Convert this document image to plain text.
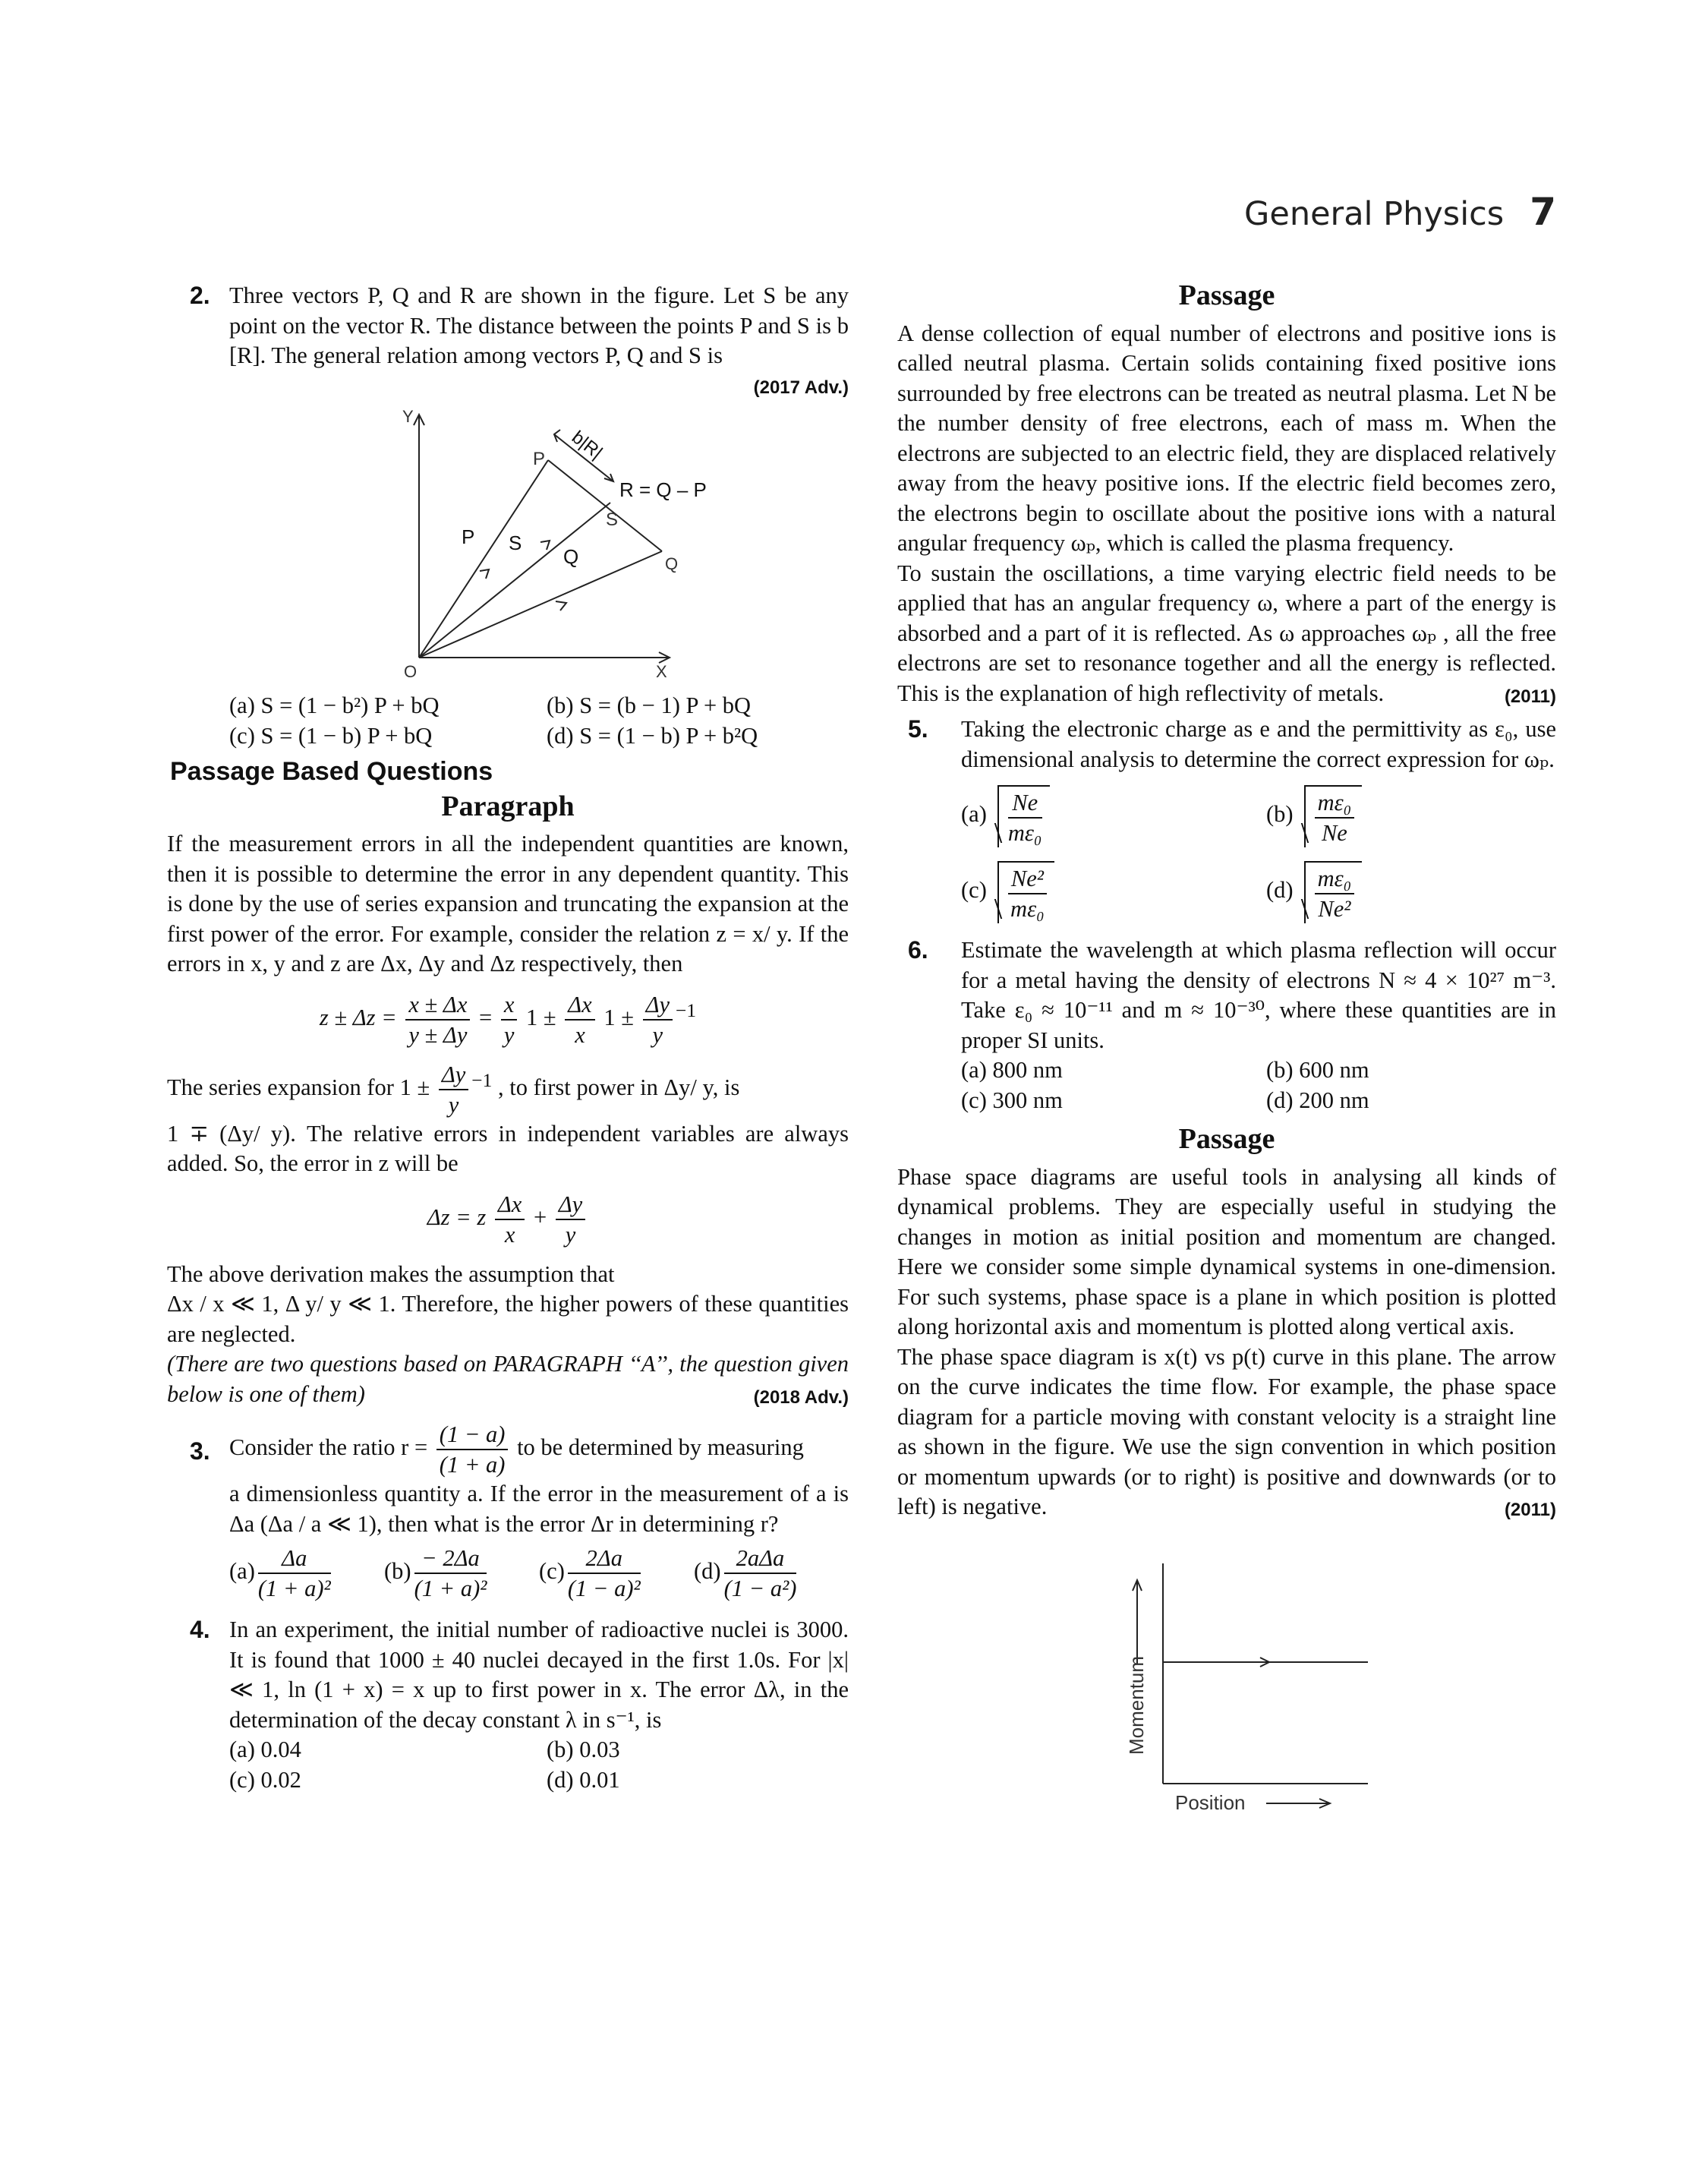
General Physics 7
2. Three vectors P, Q and R are shown in the figure. Let S be any point on the vector R. The distance between the points P and S is b [R]. The general relation among vectors P, Q and S is

(2017 Adv.)
Y
X
O
P
Q
S
P
Q
S
b|R|
R = Q – P
(a) S = (1 − b²) P + bQ	(b) S = (b − 1) P + bQ
(c) S = (1 − b) P + bQ	(d) S = (1 − b) P + b²Q
Passage Based Questions
Paragraph

If the measurement errors in all the independent quantities are known, then it is possible to determine the error in any dependent quantity. This is done by the use of series expansion and truncating the expansion at the first power of the error. For example, consider the relation z = x/ y. If the errors in x, y and z are Δx, Δy and Δz respectively, then

$z \pm \Delta z = \frac{x \pm \Delta x}{y \pm \Delta y} = \frac{x}{y} 1 \pm \frac{\Delta x}{x} 1 \pm \frac{\Delta y}{y} ^{-1}$

The series expansion for $1 \pm \frac{\Delta y}{y} ^{-1}$ , to first power in Δy/ y, is

1 ∓ (Δy/ y). The relative errors in independent variables are always added. So, the error in z will be

Δz = z $\frac{\Delta x}{x} + \frac{\Delta y}{y}$

The above derivation makes the assumption that

Δx / x ≪ 1, Δ y/ y ≪ 1. Therefore, the higher powers of these quantities are neglected.

(There are two questions based on PARAGRAPH ‘‘A’’, the question given below is one of them)	(2018 Adv.)

3. Consider the ratio $r = \frac{(1 - a)}{(1 + a)}$ to be determined by measuring

a dimensionless quantity a. If the error in the measurement of a is Δa (Δa / a ≪ 1), then what is the error Δr in determining r?

$(a) \frac{\Delta a}{\text{(1 + a)²}} (b) \frac{- 2\Delta a}{\text{(1 + a)²}} (c) \frac{2\Delta a}{\text{(1 − a)²}} (d) \frac{\text{2aΔa}}{\text{(1 − a²)}}$
4. In an experiment, the initial number of radioactive nuclei is 3000. It is found that 1000 ± 40 nuclei decayed in the first 1.0s. For |x| ≪ 1, ln (1 + x) = x up to first power in x. The error Δλ, in the determination of the decay constant λ in s⁻¹, is

(a) 0.04	(b) 0.03
(c) 0.02	(d) 0.01
Passage

A dense collection of equal number of electrons and positive ions is called neutral plasma. Certain solids containing fixed positive ions surrounded by free electrons can be treated as neutral plasma. Let N be the number density of free electrons, each of mass m. When the electrons are subjected to an electric field, they are displaced relatively away from the heavy positive ions. If the electric field becomes zero, the electrons begin to oscillate about the positive ions with a natural angular frequency ωₚ, which is called the plasma frequency.

To sustain the oscillations, a time varying electric field needs to be applied that has an angular frequency ω, where a part of the energy is absorbed and a part of it is reflected. As ω approaches ωₚ , all the free electrons are set to resonance together and all the energy is reflected. This is the explanation of high reflectivity of metals.	(2011)

5. Taking the electronic charge as e and the permittivity as ε₀, use dimensional analysis to determine the correct expression for ωₚ.

$(a) \frac{Ne}{\text{mε₀}}$	$(b) \frac{\text{mε₀}}{Ne}$
$(c) \frac{\text{Ne²}}{\text{mε₀}}$	$(d) \frac{\text{mε₀}}{\text{Ne²}}$
6. Estimate the wavelength at which plasma reflection will occur for a metal having the density of electrons N ≈ 4 × 10²⁷ m⁻³. Take ε₀ ≈ 10⁻¹¹ and m ≈ 10⁻³⁰, where these quantities are in proper SI units.

(a) 800 nm	(b) 600 nm
(c) 300 nm	(d) 200 nm
Passage

Phase space diagrams are useful tools in analysing all kinds of dynamical problems. They are especially useful in studying the changes in motion as initial position and momentum are changed. Here we consider some simple dynamical systems in one-dimension. For such systems, phase space is a plane in which position is plotted along horizontal axis and momentum is plotted along vertical axis.

The phase space diagram is x(t) vs p(t) curve in this plane. The arrow on the curve indicates the time flow. For example, the phase space diagram for a particle moving with constant velocity is a straight line as shown in the figure. We use the sign convention in which position or momentum upwards (or to right) is positive and downwards (or to left) is negative.	(2011)

Momentum
Position
